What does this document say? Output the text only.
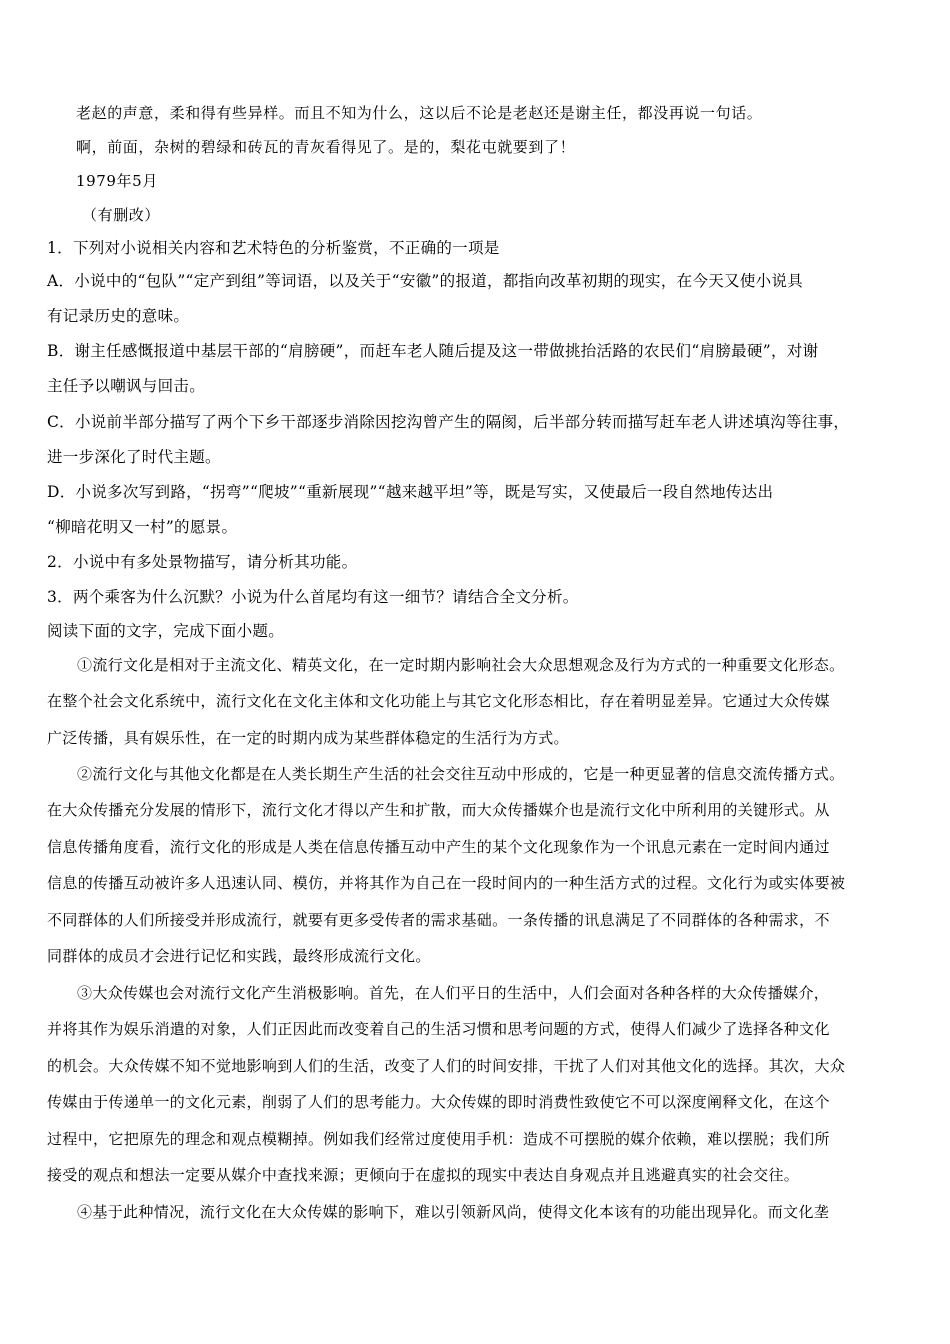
老赵的声意，柔和得有些异样。而且不知为什么，这以后不论是老赵还是谢主任，都没再说一句话。
啊，前面，杂树的碧绿和砖瓦的青灰看得见了。是的，梨花屯就要到了！
1979年5月
（有删改）
1．下列对小说相关内容和艺术特色的分析鉴赏，不正确的一项是
A．小说中的“包队”“定产到组”等词语，以及关于“安徽”的报道，都指向改革初期的现实，在今天又使小说具
有记录历史的意味。
B．谢主任感慨报道中基层干部的“肩膀硬”，而赶车老人随后提及这一带做挑抬活路的农民们“肩膀最硬”，对谢
主任予以嘲讽与回击。
C．小说前半部分描写了两个下乡干部逐步消除因挖沟曾产生的隔阂，后半部分转而描写赶车老人讲述填沟等往事，
进一步深化了时代主题。
D．小说多次写到路，“拐弯”“爬坡”“重新展现”“越来越平坦”等，既是写实，又使最后一段自然地传达出
“柳暗花明又一村”的愿景。
2．小说中有多处景物描写，请分析其功能。
3．两个乘客为什么沉默？小说为什么首尾均有这一细节？请结合全文分析。
阅读下面的文字，完成下面小题。
①流行文化是相对于主流文化、精英文化，在一定时期内影响社会大众思想观念及行为方式的一种重要文化形态。
在整个社会文化系统中，流行文化在文化主体和文化功能上与其它文化形态相比，存在着明显差异。它通过大众传媒
广泛传播，具有娱乐性，在一定的时期内成为某些群体稳定的生活行为方式。
②流行文化与其他文化都是在人类长期生产生活的社会交往互动中形成的，它是一种更显著的信息交流传播方式。
在大众传播充分发展的情形下，流行文化才得以产生和扩散，而大众传播媒介也是流行文化中所利用的关键形式。从
信息传播角度看，流行文化的形成是人类在信息传播互动中产生的某个文化现象作为一个讯息元素在一定时间内通过
信息的传播互动被许多人迅速认同、模仿，并将其作为自己在一段时间内的一种生活方式的过程。文化行为或实体要被
不同群体的人们所接受并形成流行，就要有更多受传者的需求基础。一条传播的讯息满足了不同群体的各种需求，不
同群体的成员才会进行记忆和实践，最终形成流行文化。
③大众传媒也会对流行文化产生消极影响。首先，在人们平日的生活中，人们会面对各种各样的大众传播媒介，
并将其作为娱乐消遣的对象，人们正因此而改变着自己的生活习惯和思考问题的方式，使得人们减少了选择各种文化
的机会。大众传媒不知不觉地影响到人们的生活，改变了人们的时间安排，干扰了人们对其他文化的选择。其次，大众
传媒由于传递单一的文化元素，削弱了人们的思考能力。大众传媒的即时消费性致使它不可以深度阐释文化，在这个
过程中，它把原先的理念和观点模糊掉。例如我们经常过度使用手机：造成不可摆脱的媒介依赖，难以摆脱；我们所
接受的观点和想法一定要从媒介中查找来源；更倾向于在虚拟的现实中表达自身观点并且逃避真实的社会交往。
④基于此种情况，流行文化在大众传媒的影响下，难以引领新风尚，使得文化本该有的功能出现异化。而文化垄
